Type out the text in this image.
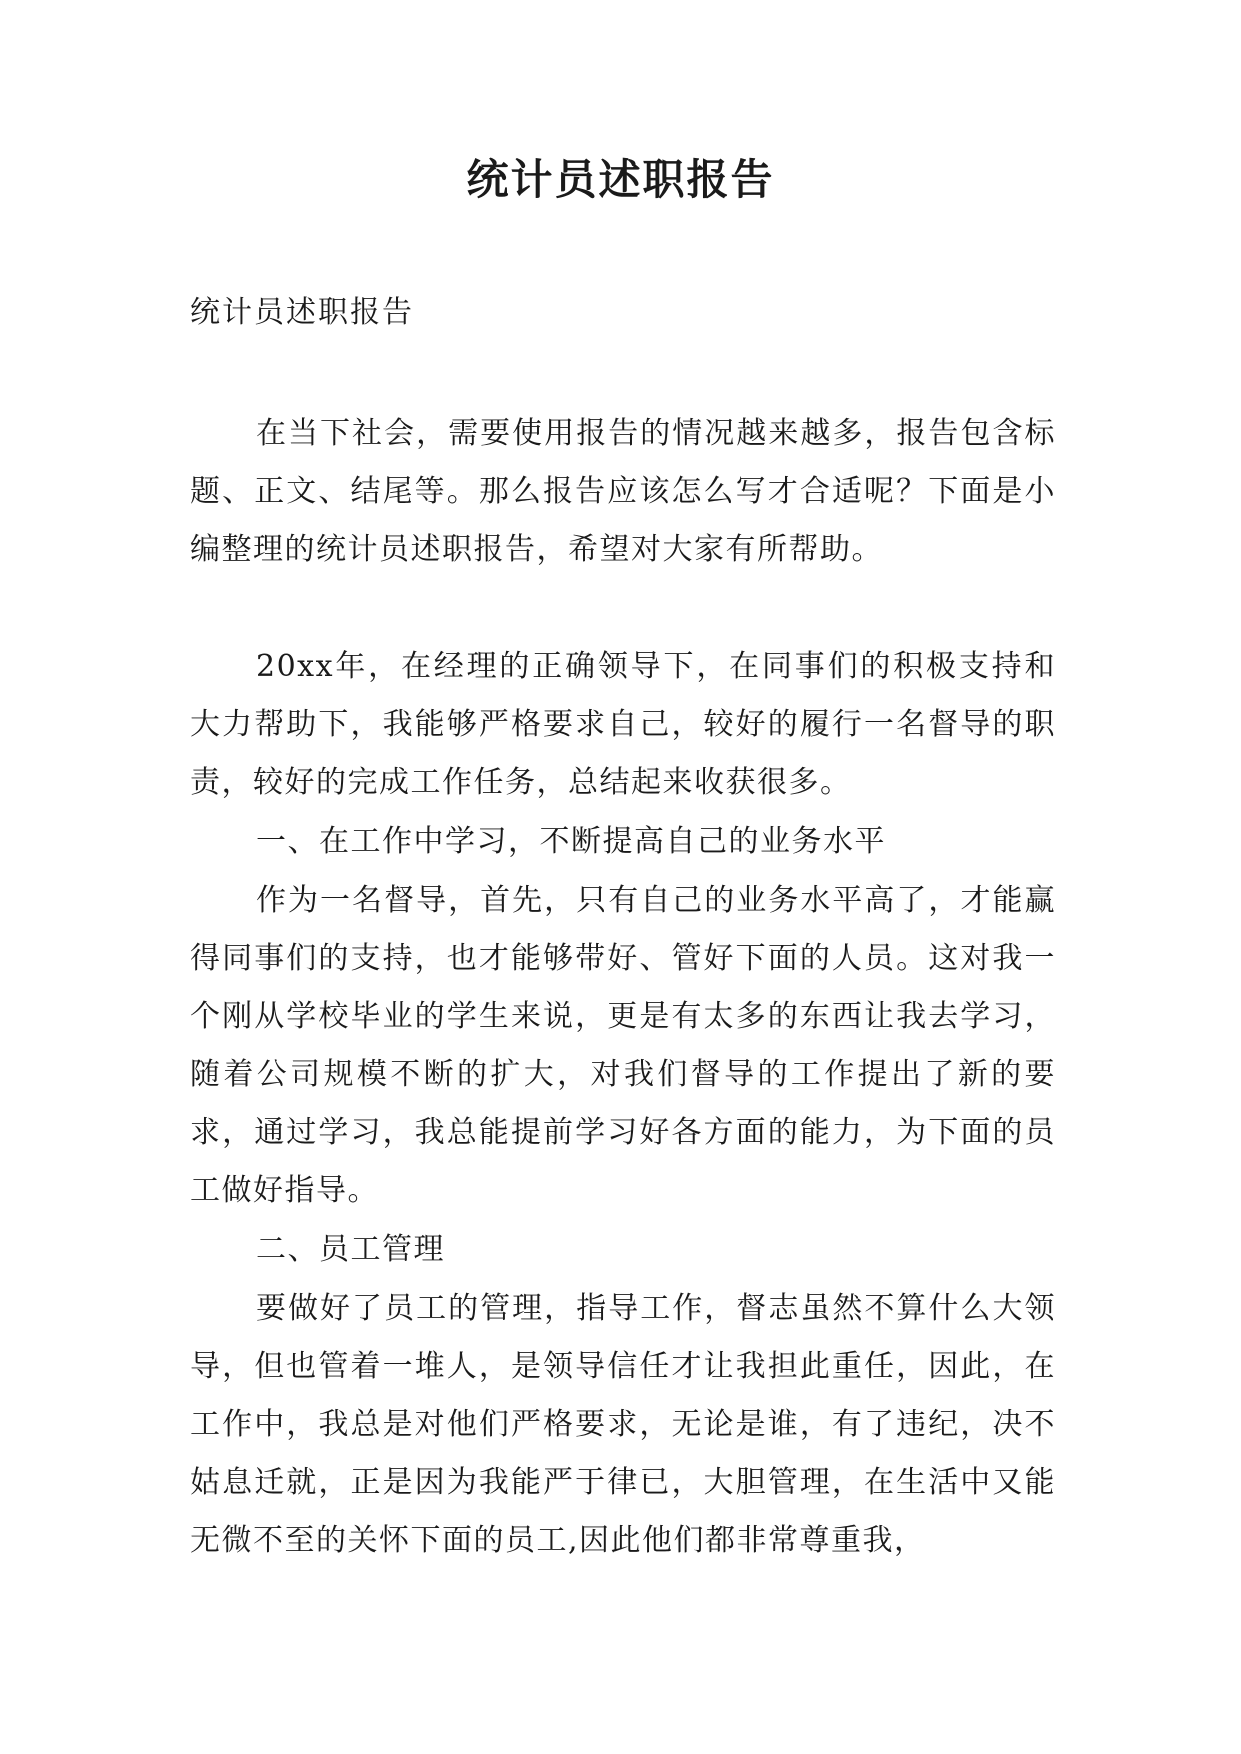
统计员述职报告
统计员述职报告

在当下社会，需要使用报告的情况越来越多，报告包含标题、正文、结尾等。那么报告应该怎么写才合适呢？下面是小编整理的统计员述职报告，希望对大家有所帮助。

20xx年，在经理的正确领导下，在同事们的积极支持和大力帮助下，我能够严格要求自己，较好的履行一名督导的职责，较好的完成工作任务，总结起来收获很多。

一、在工作中学习，不断提高自己的业务水平

作为一名督导，首先，只有自己的业务水平高了，才能赢得同事们的支持，也才能够带好、管好下面的人员。这对我一个刚从学校毕业的学生来说，更是有太多的东西让我去学习，随着公司规模不断的扩大，对我们督导的工作提出了新的要求，通过学习，我总能提前学习好各方面的能力，为下面的员工做好指导。

二、员工管理

要做好了员工的管理，指导工作，督志虽然不算什么大领导，但也管着一堆人，是领导信任才让我担此重任，因此，在工作中，我总是对他们严格要求，无论是谁，有了违纪，决不姑息迁就，正是因为我能严于律已，大胆管理，在生活中又能无微不至的关怀下面的员工,因此他们都非常尊重我，
